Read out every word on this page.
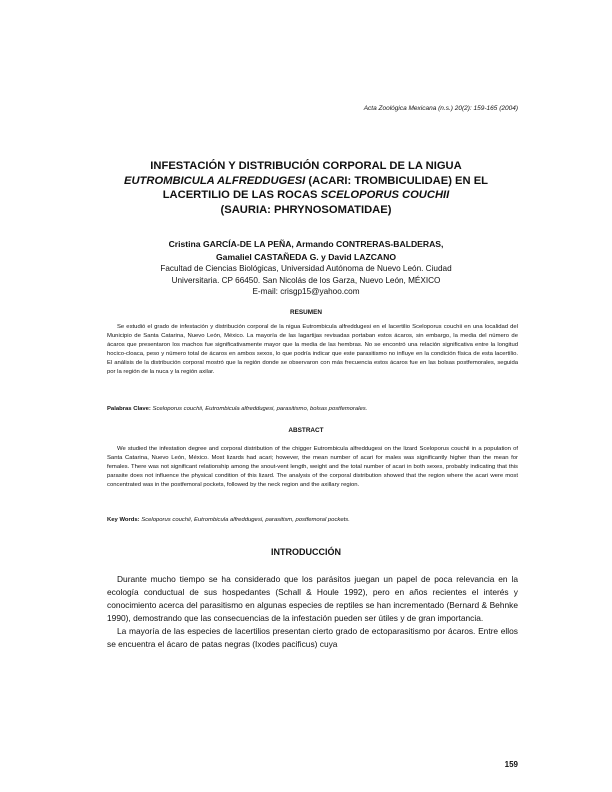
Acta Zoológica Mexicana (n.s.) 20(2): 159-165 (2004)
INFESTACIÓN Y DISTRIBUCIÓN CORPORAL DE LA NIGUA
EUTROMBICULA ALFREDDUGESI (ACARI: TROMBICULIDAE) EN EL
LACERTILIO DE LAS ROCAS SCELOPORUS COUCHII
(SAURIA: PHRYNOSOMATIDAE)
Cristina GARCÍA-DE LA PEÑA, Armando CONTRERAS-BALDERAS,
Gamaliel CASTAÑEDA G. y David LAZCANO
Facultad de Ciencias Biológicas, Universidad Autónoma de Nuevo León. Ciudad
Universitaria. CP 66450. San Nicolás de los Garza, Nuevo León, MÉXICO
E-mail: crisgp15@yahoo.com
RESUMEN
Se estudió el grado de infestación y distribución corporal de la nigua Eutrombicula alfreddugesi en el lacertilio Sceloporus couchii en una localidad del Municipio de Santa Catarina, Nuevo León, México. La mayoría de las lagartijas revisadas portaban estos ácaros, sin embargo, la media del número de ácaros que presentaron los machos fue significativamente mayor que la media de las hembras. No se encontró una relación significativa entre la longitud hocico-cloaca, peso y número total de ácaros en ambos sexos, lo que podría indicar que este parasitismo no influye en la condición física de esta lacertilio. El análisis de la distribución corporal mostró que la región donde se observaron con más frecuencia estos ácaros fue en las bolsas postfemorales, seguida por la región de la nuca y la región axilar.
Palabras Clave: Sceloporus couchii, Eutrombicula alfreddugesi, parasitismo, bolsas postfemorales.
ABSTRACT
We studied the infestation degree and corporal distribution of the chigger Eutrombicula alfreddugesi on the lizard Sceloporus couchii in a population of Santa Catarina, Nuevo León, México. Most lizards had acari; however, the mean number of acari for males was significantly higher than the mean for females. There was not significant relationship among the snout-vent length, weight and the total number of acari in both sexes, probably indicating that this parasite does not influence the physical condition of this lizard. The analysis of the corporal distribution showed that the region where the acari were most concentrated was in the postfemoral pockets, followed by the neck region and the axillary region.
Key Words: Sceloporus couchii, Eutrombicula alfreddugesi, parasitism, postfemoral pockets.
INTRODUCCIÓN

Durante mucho tiempo se ha considerado que los parásitos juegan un papel de poca relevancia en la ecología conductual de sus hospedantes (Schall & Houle 1992), pero en años recientes el interés y conocimiento acerca del parasitismo en algunas especies de reptiles se han incrementado (Bernard & Behnke 1990), demostrando que las consecuencias de la infestación pueden ser útiles y de gran importancia.

La mayoría de las especies de lacertilios presentan cierto grado de ectoparasitismo por ácaros. Entre ellos se encuentra el ácaro de patas negras (Ixodes pacificus) cuya

159
